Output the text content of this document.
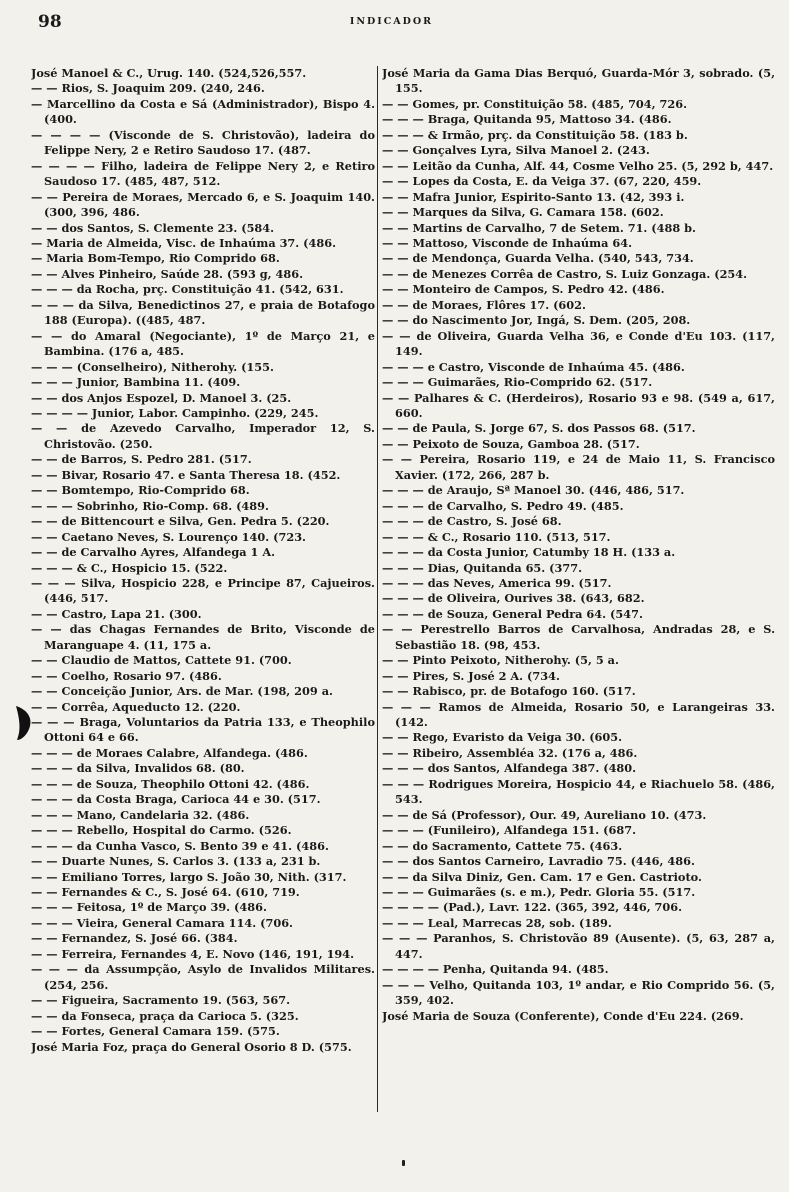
98	INDICADOR

José Manoel & C., Urug. 140. (524,526,557.

— — Rios, S. Joaquim 209. (240, 246.

— Marcellino da Costa e Sá (Administrador), Bispo 4. (400.

— — — — (Visconde de S. Christovão), ladeira do Felippe Nery, 2 e Retiro Saudoso 17. (487.

— — — — Filho, ladeira de Felippe Nery 2, e Retiro Saudoso 17. (485, 487, 512.

— — Pereira de Moraes, Mercado 6, e S. Joaquim 140. (300, 396, 486.

— — dos Santos, S. Clemente 23. (584.

— Maria de Almeida, Visc. de Inhaúma 37. (486.

— Maria Bom-Tempo, Rio Comprido 68.

— — Alves Pinheiro, Saúde 28. (593 g, 486.

— — — da Rocha, prç. Constituição 41. (542, 631.

— — — da Silva, Benedictinos 27, e praia de Botafogo 188 (Europa). ((485, 487.

— — do Amaral (Negociante), 1º de Março 21, e Bambina. (176 a, 485.

— — — (Conselheiro), Nitherohy. (155.

— — — Junior, Bambina 11. (409.

— — dos Anjos Espozel, D. Manoel 3. (25.

— — — — Junior, Labor. Campinho. (229, 245.

— — de Azevedo Carvalho, Imperador 12, S. Christovão. (250.

— — de Barros, S. Pedro 281. (517.

— — Bivar, Rosario 47. e Santa Theresa 18. (452.

— — Bomtempo, Rio-Comprido 68.

— — — Sobrinho, Rio-Comp. 68. (489.

— — de Bittencourt e Silva, Gen. Pedra 5. (220.

— — Caetano Neves, S. Lourenço 140. (723.

— — de Carvalho Ayres, Alfandega 1 A.

— — — & C., Hospicio 15. (522.

— — — Silva, Hospicio 228, e Principe 87, Cajueiros. (446, 517.

— — Castro, Lapa 21. (300.

— — das Chagas Fernandes de Brito, Visconde de Maranguape 4. (11, 175 a.

— — Claudio de Mattos, Cattete 91. (700.

— — Coelho, Rosario 97. (486.

— — Conceição Junior, Ars. de Mar. (198, 209 a.

— — Corrêa, Aqueducto 12. (220.

— — — Braga, Voluntarios da Patria 133, e Theophilo Ottoni 64 e 66.

— — — de Moraes Calabre, Alfandega. (486.

— — — da Silva, Invalidos 68. (80.

— — — de Souza, Theophilo Ottoni 42. (486.

— — — da Costa Braga, Carioca 44 e 30. (517.

— — — Mano, Candelaria 32. (486.

— — — Rebello, Hospital do Carmo. (526.

— — — da Cunha Vasco, S. Bento 39 e 41. (486.

— — Duarte Nunes, S. Carlos 3. (133 a, 231 b.

— — Emiliano Torres, largo S. João 30, Nith. (317.

— — Fernandes & C., S. José 64. (610, 719.

— — — Feitosa, 1º de Março 39. (486.

— — — Vieira, General Camara 114. (706.

— — Fernandez, S. José 66. (384.

— — Ferreira, Fernandes 4, E. Novo (146, 191, 194.

— — — da Assumpção, Asylo de Invalidos Militares. (254, 256.

— — Figueira, Sacramento 19. (563, 567.

— — da Fonseca, praça da Carioca 5. (325.

— — Fortes, General Camara 159. (575.

José Maria Foz, praça do General Osorio 8 D. (575.

José Maria da Gama Dias Berquó, Guarda-Mór 3, sobrado. (5, 155.

— — Gomes, pr. Constituição 58. (485, 704, 726.

— — — Braga, Quitanda 95, Mattoso 34. (486.

— — — & Irmão, prç. da Constituição 58. (183 b.

— — Gonçalves Lyra, Silva Manoel 2. (243.

— — Leitão da Cunha, Alf. 44, Cosme Velho 25. (5, 292 b, 447.

— — Lopes da Costa, E. da Veiga 37. (67, 220, 459.

— — Mafra Junior, Espirito-Santo 13. (42, 393 i.

— — Marques da Silva, G. Camara 158. (602.

— — Martins de Carvalho, 7 de Setem. 71. (488 b.

— — Mattoso, Visconde de Inhaúma 64.

— — de Mendonça, Guarda Velha. (540, 543, 734.

— — de Menezes Corrêa de Castro, S. Luiz Gonzaga. (254.

— — Monteiro de Campos, S. Pedro 42. (486.

— — de Moraes, Flôres 17. (602.

— — do Nascimento Jor, Ingá, S. Dem. (205, 208.

— — de Oliveira, Guarda Velha 36, e Conde d'Eu 103. (117, 149.

— — — e Castro, Visconde de Inhaúma 45. (486.

— — — Guimarães, Rio-Comprido 62. (517.

— — Palhares & C. (Herdeiros), Rosario 93 e 98. (549 a, 617, 660.

— — de Paula, S. Jorge 67, S. dos Passos 68. (517.

— — Peixoto de Souza, Gamboa 28. (517.

— — Pereira, Rosario 119, e 24 de Maio 11, S. Francisco Xavier. (172, 266, 287 b.

— — — de Araujo, Sª Manoel 30. (446, 486, 517.

— — — de Carvalho, S. Pedro 49. (485.

— — — de Castro, S. José 68.

— — — & C., Rosario 110. (513, 517.

— — — da Costa Junior, Catumby 18 H. (133 a.

— — — Dias, Quitanda 65. (377.

— — — das Neves, America 99. (517.

— — — de Oliveira, Ourives 38. (643, 682.

— — — de Souza, General Pedra 64. (547.

— — Perestrello Barros de Carvalhosa, Andradas 28, e S. Sebastião 18. (98, 453.

— — Pinto Peixoto, Nitherohy. (5, 5 a.

— — Pires, S. José 2 A. (734.

— — Rabisco, pr. de Botafogo 160. (517.

— — — Ramos de Almeida, Rosario 50, e Larangeiras 33. (142.

— — Rego, Evaristo da Veiga 30. (605.

— — Ribeiro, Assembléa 32. (176 a, 486.

— — — dos Santos, Alfandega 387. (480.

— — — Rodrigues Moreira, Hospicio 44, e Riachuelo 58. (486, 543.

— — de Sá (Professor), Our. 49, Aureliano 10. (473.

— — — (Funileiro), Alfandega 151. (687.

— — do Sacramento, Cattete 75. (463.

— — dos Santos Carneiro, Lavradio 75. (446, 486.

— — da Silva Diniz, Gen. Cam. 17 e Gen. Castrioto.

— — — Guimarães (s. e m.), Pedr. Gloria 55. (517.

— — — — (Pad.), Lavr. 122. (365, 392, 446, 706.

— — — Leal, Marrecas 28, sob. (189.

— — — Paranhos, S. Christovão 89 (Ausente). (5, 63, 287 a, 447.

— — — — Penha, Quitanda 94. (485.

— — — Velho, Quitanda 103, 1º andar, e Rio Comprido 56. (5, 359, 402.

José Maria de Souza (Conferente), Conde d'Eu 224. (269.
